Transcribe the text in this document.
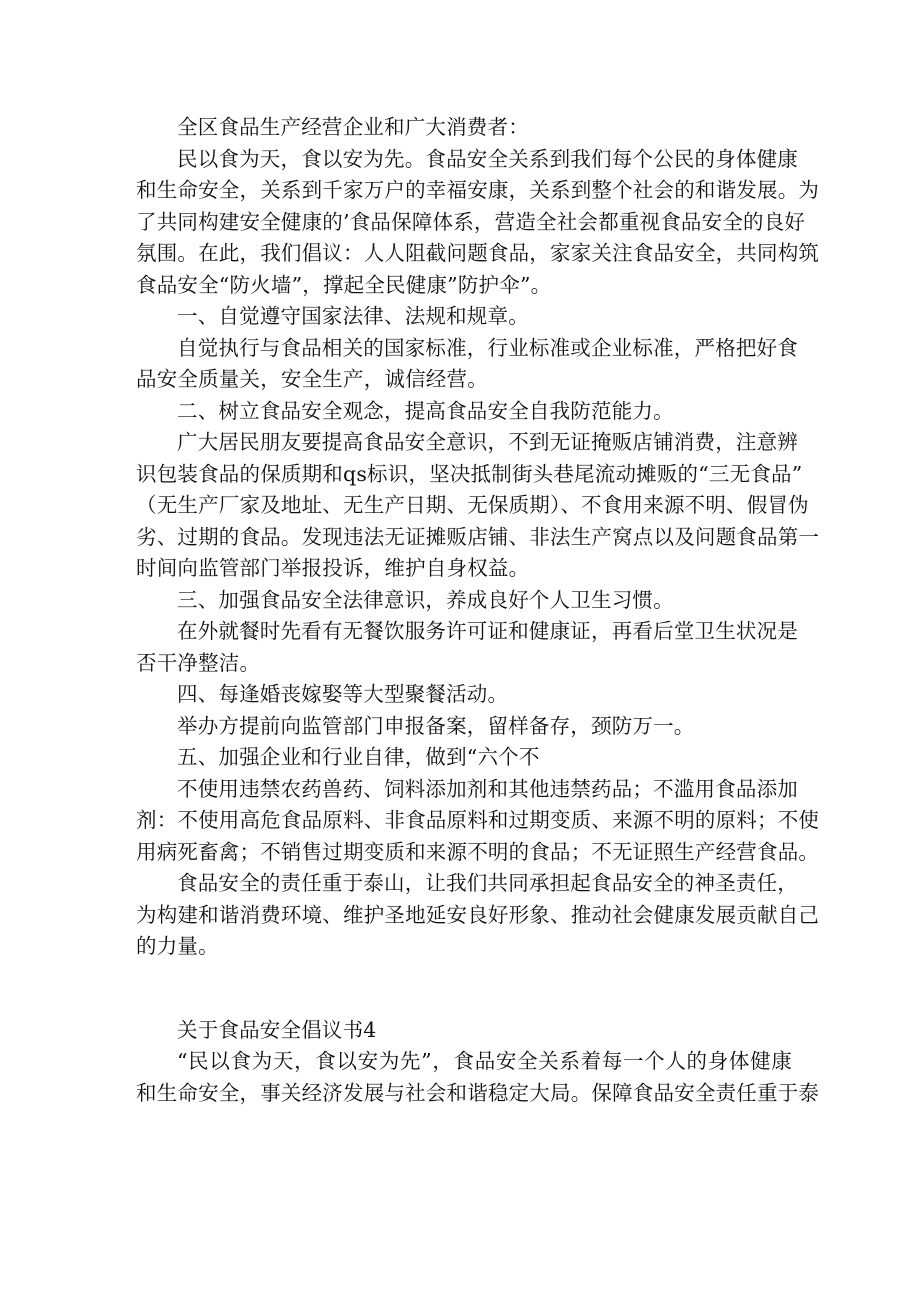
全区食品生产经营企业和广大消费者：
民以食为天，食以安为先。食品安全关系到我们每个公民的身体健康
和生命安全，关系到千家万户的幸福安康，关系到整个社会的和谐发展。为
了共同构建安全健康的’食品保障体系，营造全社会都重视食品安全的良好
氛围。在此，我们倡议：人人阻截问题食品，家家关注食品安全，共同构筑
食品安全“防火墙”，撑起全民健康”防护伞”。
一、自觉遵守国家法律、法规和规章。
自觉执行与食品相关的国家标准，行业标准或企业标准，严格把好食
品安全质量关，安全生产，诚信经营。
二、树立食品安全观念，提高食品安全自我防范能力。
广大居民朋友要提高食品安全意识，不到无证掩贩店铺消费，注意辨
识包装食品的保质期和qs标识，坚决抵制街头巷尾流动摊贩的“三无食品”
（无生产厂家及地址、无生产日期、无保质期）、不食用来源不明、假冒伪
劣、过期的食品。发现违法无证摊贩店铺、非法生产窝点以及问题食品第一
时间向监管部门举报投诉，维护自身权益。
三、加强食品安全法律意识，养成良好个人卫生习惯。
在外就餐时先看有无餐饮服务许可证和健康证，再看后堂卫生状况是
否干净整洁。
四、每逢婚丧嫁娶等大型聚餐活动。
举办方提前向监管部门申报备案，留样备存，颈防万一。
五、加强企业和行业自律，做到“六个不
不使用违禁农药兽药、饲料添加剂和其他违禁药品；不滥用食品添加
剂：不使用高危食品原料、非食品原料和过期变质、来源不明的原料；不使
用病死畜禽；不销售过期变质和来源不明的食品；不无证照生产经营食品。
食品安全的责任重于泰山，让我们共同承担起食品安全的神圣责任，
为构建和谐消费环境、维护圣地延安良好形象、推动社会健康发展贡献自己
的力量。
关于食品安全倡议书4
“民以食为天，食以安为先”，食品安全关系着每一个人的身体健康
和生命安全，事关经济发展与社会和谐稳定大局。保障食品安全责任重于泰
